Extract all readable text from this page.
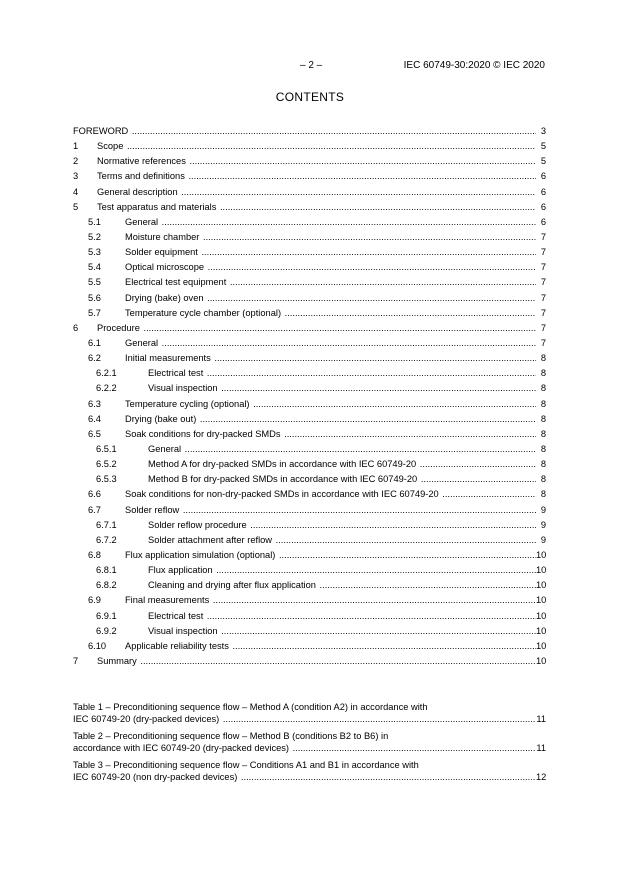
– 2 –	IEC 60749-30:2020 © IEC 2020
CONTENTS
FOREWORD .....	3
1 Scope .....	5
2 Normative references .....	5
3 Terms and definitions .....	6
4 General description .....	6
5 Test apparatus and materials .....	6
5.1	General .....	6
5.2	Moisture chamber .....	7
5.3	Solder equipment .....	7
5.4	Optical microscope .....	7
5.5	Electrical test equipment .....	7
5.6	Drying (bake) oven .....	7
5.7	Temperature cycle chamber (optional) .....	7
6 Procedure .....	7
6.1	General .....	7
6.2	Initial measurements .....	8
6.2.1	Electrical test .....	8
6.2.2	Visual inspection .....	8
6.3	Temperature cycling (optional) .....	8
6.4	Drying (bake out) .....	8
6.5	Soak conditions for dry-packed SMDs .....	8
6.5.1	General .....	8
6.5.2	Method A for dry-packed SMDs in accordance with IEC 60749-20 .....	8
6.5.3	Method B for dry-packed SMDs in accordance with IEC 60749-20 .....	8
6.6	Soak conditions for non-dry-packed SMDs in accordance with IEC 60749-20 .....	8
6.7	Solder reflow .....	9
6.7.1	Solder reflow procedure .....	9
6.7.2	Solder attachment after reflow .....	9
6.8	Flux application simulation (optional) .....	10
6.8.1	Flux application .....	10
6.8.2	Cleaning and drying after flux application .....	10
6.9	Final measurements .....	10
6.9.1	Electrical test .....	10
6.9.2	Visual inspection .....	10
6.10 Applicable reliability tests .....	10
7 Summary .....	10
Table 1 – Preconditioning sequence flow – Method A (condition A2) in accordance with
IEC 60749-20 (dry-packed devices) .....	11
Table 2 – Preconditioning sequence flow – Method B (conditions B2 to B6) in
accordance with IEC 60749-20 (dry-packed devices) .....	11
Table 3 – Preconditioning sequence flow – Conditions A1 and B1 in accordance with
IEC 60749-20 (non dry-packed devices) .....	12
